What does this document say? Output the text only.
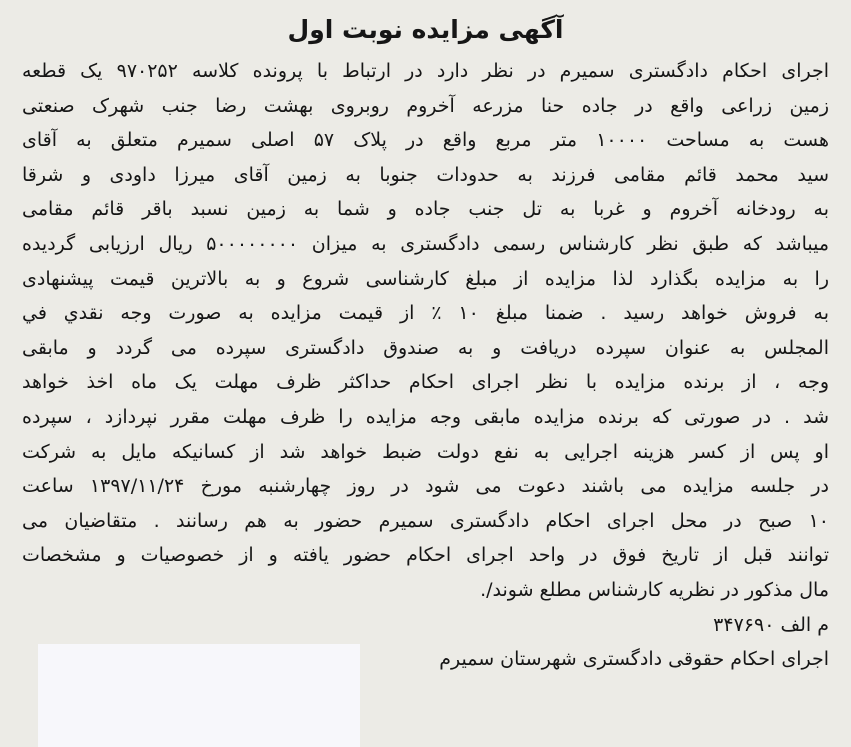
آگهی مزایده نوبت اول
اجرای احکام دادگستری سمیرم در نظر دارد در ارتباط با پرونده کلاسه ۹۷۰۲۵۲ یک قطعه
زمین زراعی واقع در جاده حنا مزرعه آخروم روبروی بهشت رضا جنب شهرک صنعتی
هست به مساحت ۱۰۰۰۰ متر مربع واقع در پلاک ۵۷ اصلی سمیرم متعلق به آقای
سید محمد قائم مقامی فرزند به حدودات جنوبا به زمین آقای میرزا داودی و شرقا
به رودخانه آخروم و غربا به تل جنب جاده و شما به زمین نسبد باقر قائم مقامی
میباشد که طبق نظر کارشناس رسمی دادگستری به میزان ۵۰۰۰۰۰۰۰۰ ریال ارزیابی گردیده
را به مزایده بگذارد لذا مزایده از مبلغ کارشناسی شروع و به بالاترین قیمت پیشنهادی
به فروش خواهد رسید . ضمنا مبلغ ۱۰ ٪ از قیمت مزایده به صورت وجه نقدي في
المجلس به عنوان سپرده دریافت و به صندوق دادگستری سپرده می گردد و مابقی
وجه ، از برنده مزایده با نظر اجرای احکام حداکثر ظرف مهلت یک ماه اخذ خواهد
شد . در صورتی که برنده مزایده مابقی وجه مزایده را ظرف مهلت مقرر نپردازد ، سپرده
او پس از کسر هزینه اجرایی به نفع دولت ضبط خواهد شد از کسانیکه مایل به شرکت
در جلسه مزایده می باشند دعوت می شود در روز چهارشنبه مورخ ۱۳۹۷/۱۱/۲۴ ساعت
۱۰ صبح در محل اجرای احکام دادگستری سمیرم حضور به هم رسانند . متقاضیان می
توانند قبل از تاریخ فوق در واحد اجرای احکام حضور یافته و از خصوصیات و مشخصات
مال مذکور در نظریه کارشناس مطلع شوند/.
م الف ۳۴۷۶۹۰
اجرای احکام حقوقی دادگستری شهرستان سمیرم
